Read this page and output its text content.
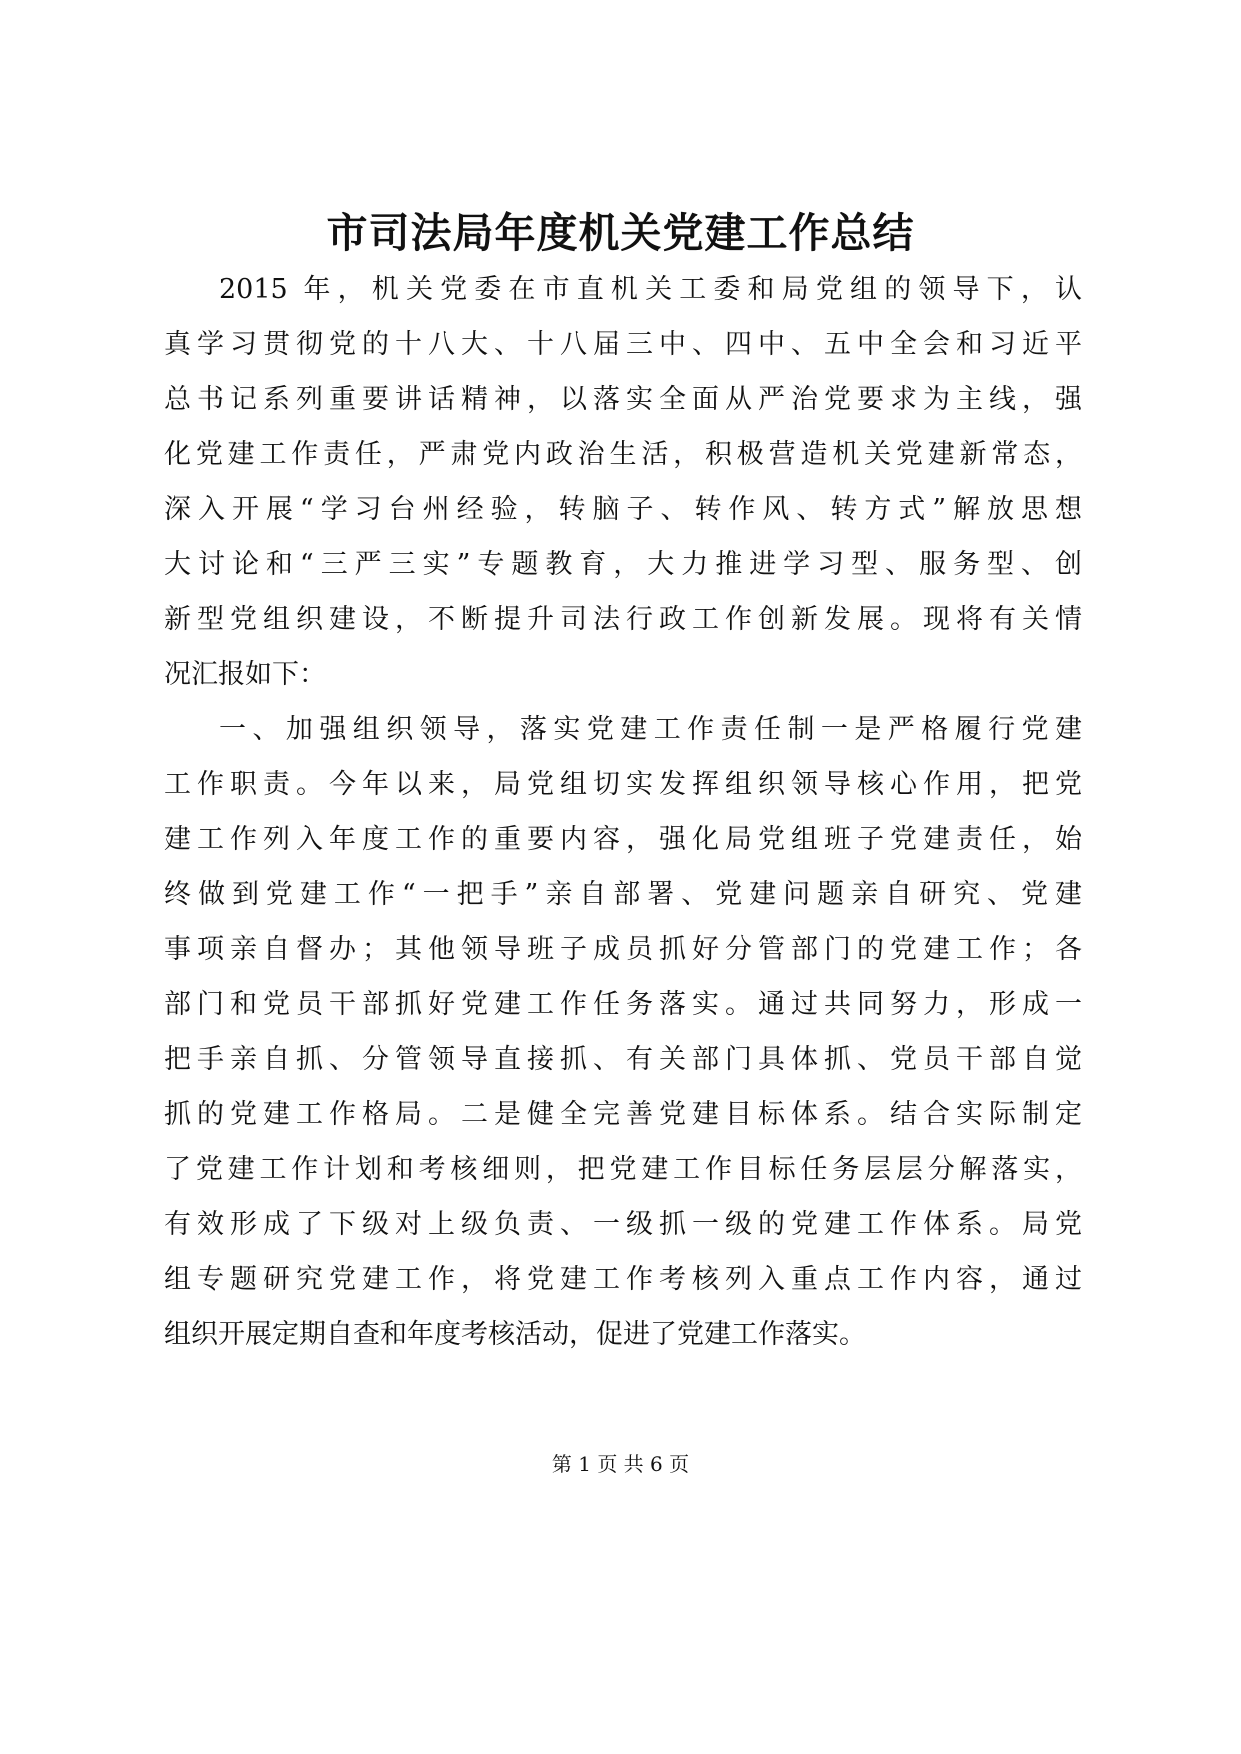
市司法局年度机关党建工作总结
2015 年，机关党委在市直机关工委和局党组的领导下，认
真学习贯彻党的十八大、十八届三中、四中、五中全会和习近平
总书记系列重要讲话精神，以落实全面从严治党要求为主线，强
化党建工作责任，严肃党内政治生活，积极营造机关党建新常态，
深入开展“学习台州经验，转脑子、转作风、转方式”解放思想
大讨论和“三严三实”专题教育，大力推进学习型、服务型、创
新型党组织建设，不断提升司法行政工作创新发展。现将有关情
况汇报如下：
一、加强组织领导，落实党建工作责任制一是严格履行党建
工作职责。今年以来，局党组切实发挥组织领导核心作用，把党
建工作列入年度工作的重要内容，强化局党组班子党建责任，始
终做到党建工作“一把手”亲自部署、党建问题亲自研究、党建
事项亲自督办；其他领导班子成员抓好分管部门的党建工作；各
部门和党员干部抓好党建工作任务落实。通过共同努力，形成一
把手亲自抓、分管领导直接抓、有关部门具体抓、党员干部自觉
抓的党建工作格局。二是健全完善党建目标体系。结合实际制定
了党建工作计划和考核细则，把党建工作目标任务层层分解落实，
有效形成了下级对上级负责、一级抓一级的党建工作体系。局党
组专题研究党建工作，将党建工作考核列入重点工作内容，通过
组织开展定期自查和年度考核活动，促进了党建工作落实。
第 1 页 共 6 页
